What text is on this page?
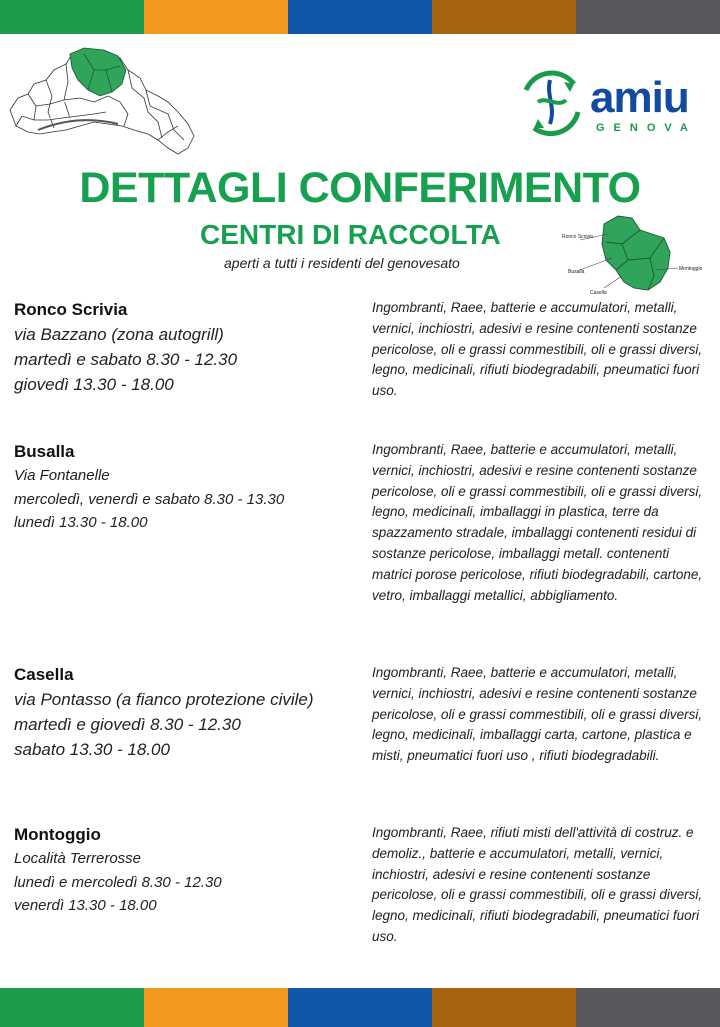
amiu
GENOVA
DETTAGLI CONFERIMENTO
CENTRI DI RACCOLTA
aperti a tutti i residenti del genovesato
Ronco Scrivia
Busalla
Casella
Montoggio
Ronco Scrivia
via Bazzano (zona autogrill)
martedì e sabato 8.30 - 12.30
giovedì 13.30 - 18.00
Ingombranti, Raee, batterie e accumulatori, metalli, vernici, inchiostri, adesivi e resine contenenti sostanze pericolose, oli e grassi commestibili, oli e grassi diversi, legno, medicinali, rifiuti biodegradabili, pneumatici fuori uso.
Busalla
Via Fontanelle
mercoledì, venerdì e sabato 8.30 - 13.30
lunedì 13.30 - 18.00
Ingombranti, Raee, batterie e accumulatori, metalli, vernici, inchiostri, adesivi e resine contenenti sostanze pericolose, oli e grassi commestibili, oli e grassi diversi, legno, medicinali, imballaggi in plastica, terre da spazzamento stradale, imballaggi contenenti residui di sostanze pericolose, imballaggi metall. contenenti matrici porose pericolose, rifiuti biodegradabili, cartone, vetro, imballaggi metallici, abbigliamento.
Casella
via Pontasso (a fianco protezione civile)
martedì e giovedì 8.30 - 12.30
sabato 13.30 - 18.00
Ingombranti, Raee, batterie e accumulatori, metalli, vernici, inchiostri, adesivi e resine contenenti sostanze pericolose, oli e grassi commestibili, oli e grassi diversi, legno, medicinali, imballaggi carta, cartone, plastica e misti, pneumatici fuori uso , rifiuti biodegradabili.
Montoggio
Località Terrerosse
lunedì e mercoledì 8.30 - 12.30
venerdì 13.30 - 18.00
Ingombranti, Raee, rifiuti misti dell'attività di costruz. e demoliz., batterie e accumulatori, metalli, vernici, inchiostri, adesivi e resine contenenti sostanze pericolose, oli e grassi commestibili, oli e grassi diversi, legno, medicinali, rifiuti biodegradabili, pneumatici fuori uso.
